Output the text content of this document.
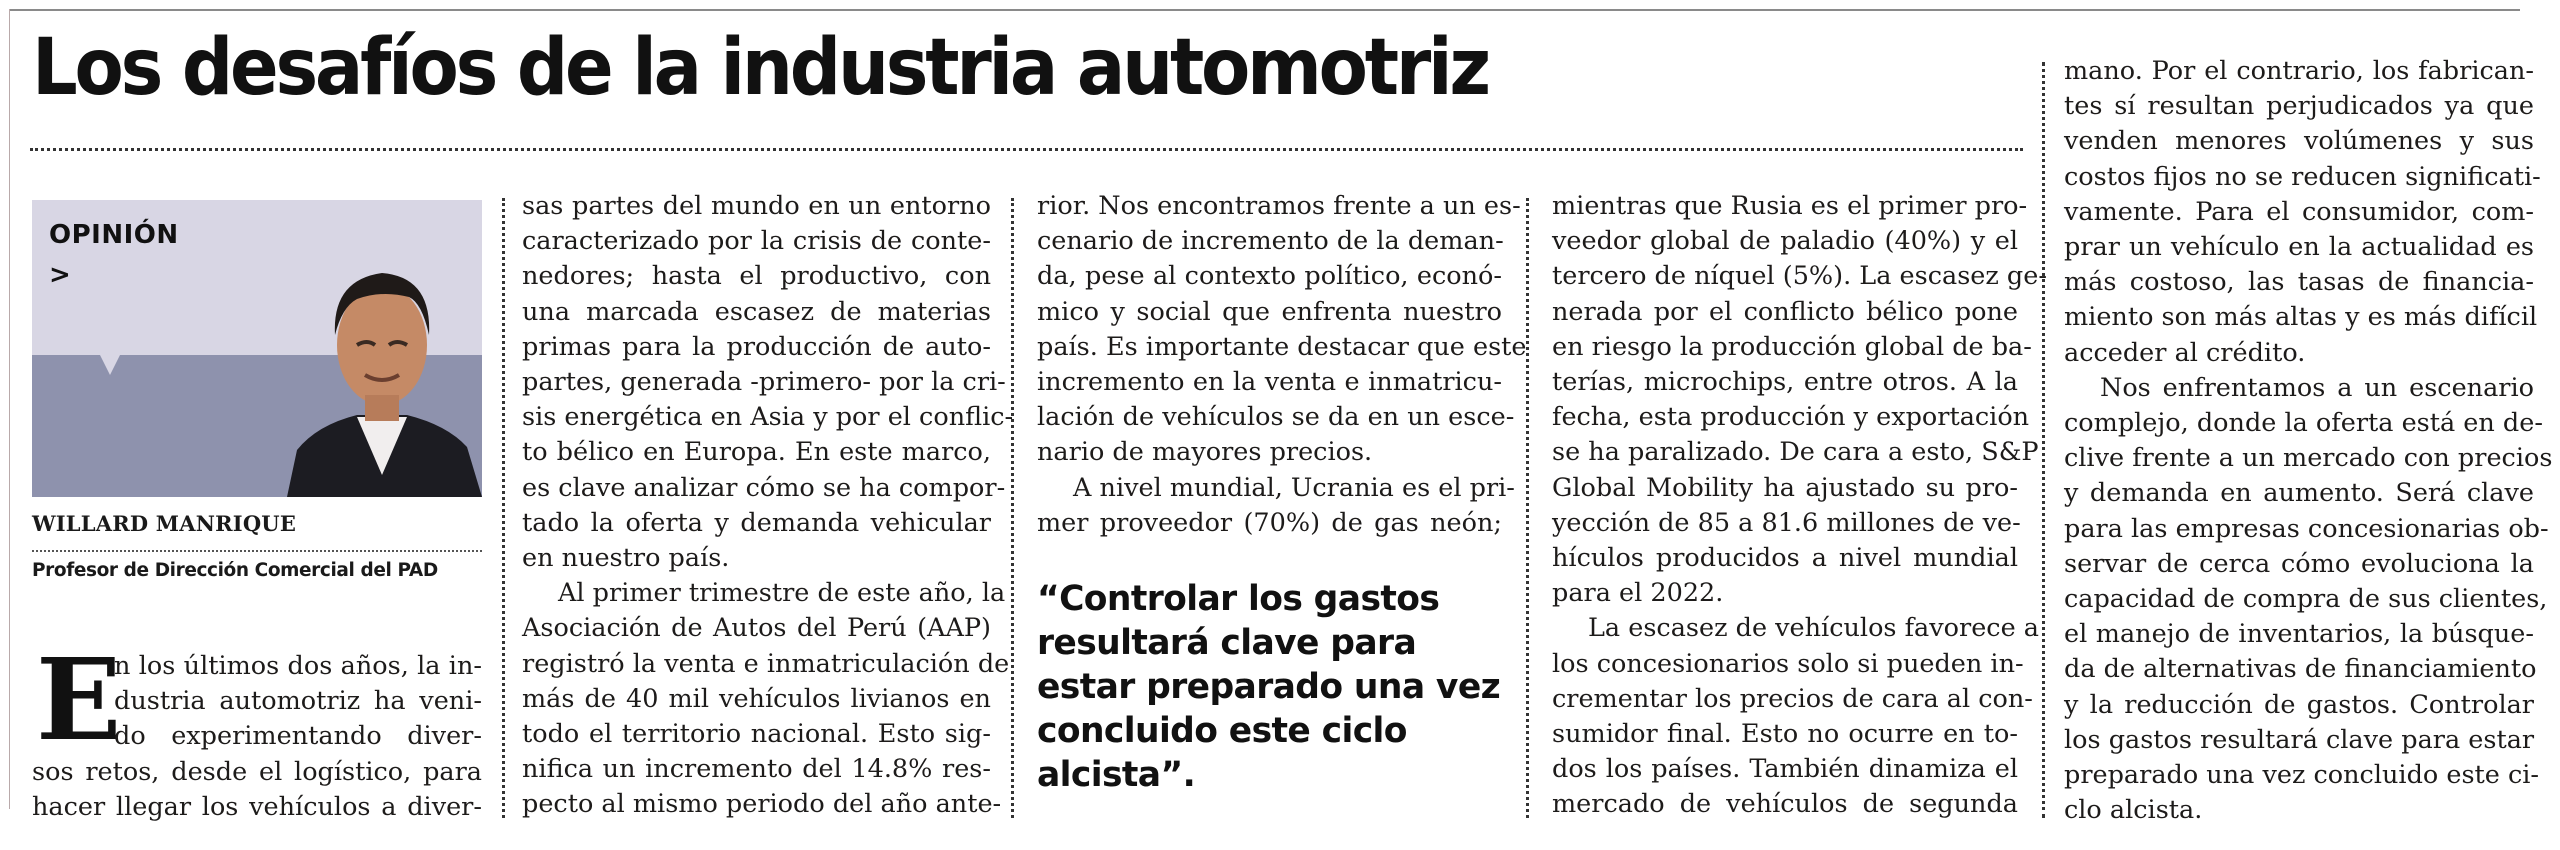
Los desafíos de la industria automotriz
OPINIÓN
>
WILLARD MANRIQUE
Profesor de Dirección Comercial del PAD
E

n los últimos dos años, la in-

dustria automotriz ha veni-

do experimentando diver-

sos retos, desde el logístico, para

hacer llegar los vehículos a diver-

sas partes del mundo en un entorno

caracterizado por la crisis de conte-

nedores; hasta el productivo, con

una marcada escasez de materias

primas para la producción de auto-

partes, generada -primero- por la cri-

sis energética en Asia y por el conflic-

to bélico en Europa. En este marco,

es clave analizar cómo se ha compor-

tado la oferta y demanda vehicular

en nuestro país.

Al primer trimestre de este año, la

Asociación de Autos del Perú (AAP)

registró la venta e inmatriculación de

más de 40 mil vehículos livianos en

todo el territorio nacional. Esto sig-

nifica un incremento del 14.8% res-

pecto al mismo periodo del año ante-

rior. Nos encontramos frente a un es-

cenario de incremento de la deman-

da, pese al contexto político, econó-

mico y social que enfrenta nuestro

país. Es importante destacar que este

incremento en la venta e inmatricu-

lación de vehículos se da en un esce-

nario de mayores precios.

A nivel mundial, Ucrania es el pri-

mer proveedor (70%) de gas neón;

“Controlar los gastos
resultará clave para
estar preparado una vez
concluido este ciclo
alcista”.

mientras que Rusia es el primer pro-

veedor global de paladio (40%) y el

tercero de níquel (5%). La escasez ge-

nerada por el conflicto bélico pone

en riesgo la producción global de ba-

terías, microchips, entre otros. A la

fecha, esta producción y exportación

se ha paralizado. De cara a esto, S&P

Global Mobility ha ajustado su pro-

yección de 85 a 81.6 millones de ve-

hículos producidos a nivel mundial

para el 2022.

La escasez de vehículos favorece a

los concesionarios solo si pueden in-

crementar los precios de cara al con-

sumidor final. Esto no ocurre en to-

dos los países. También dinamiza el

mercado de vehículos de segunda

mano. Por el contrario, los fabrican-

tes sí resultan perjudicados ya que

venden menores volúmenes y sus

costos fijos no se reducen significati-

vamente. Para el consumidor, com-

prar un vehículo en la actualidad es

más costoso, las tasas de financia-

miento son más altas y es más difícil

acceder al crédito.

Nos enfrentamos a un escenario

complejo, donde la oferta está en de-

clive frente a un mercado con precios

y demanda en aumento. Será clave

para las empresas concesionarias ob-

servar de cerca cómo evoluciona la

capacidad de compra de sus clientes,

el manejo de inventarios, la búsque-

da de alternativas de financiamiento

y la reducción de gastos. Controlar

los gastos resultará clave para estar

preparado una vez concluido este ci-

clo alcista.
